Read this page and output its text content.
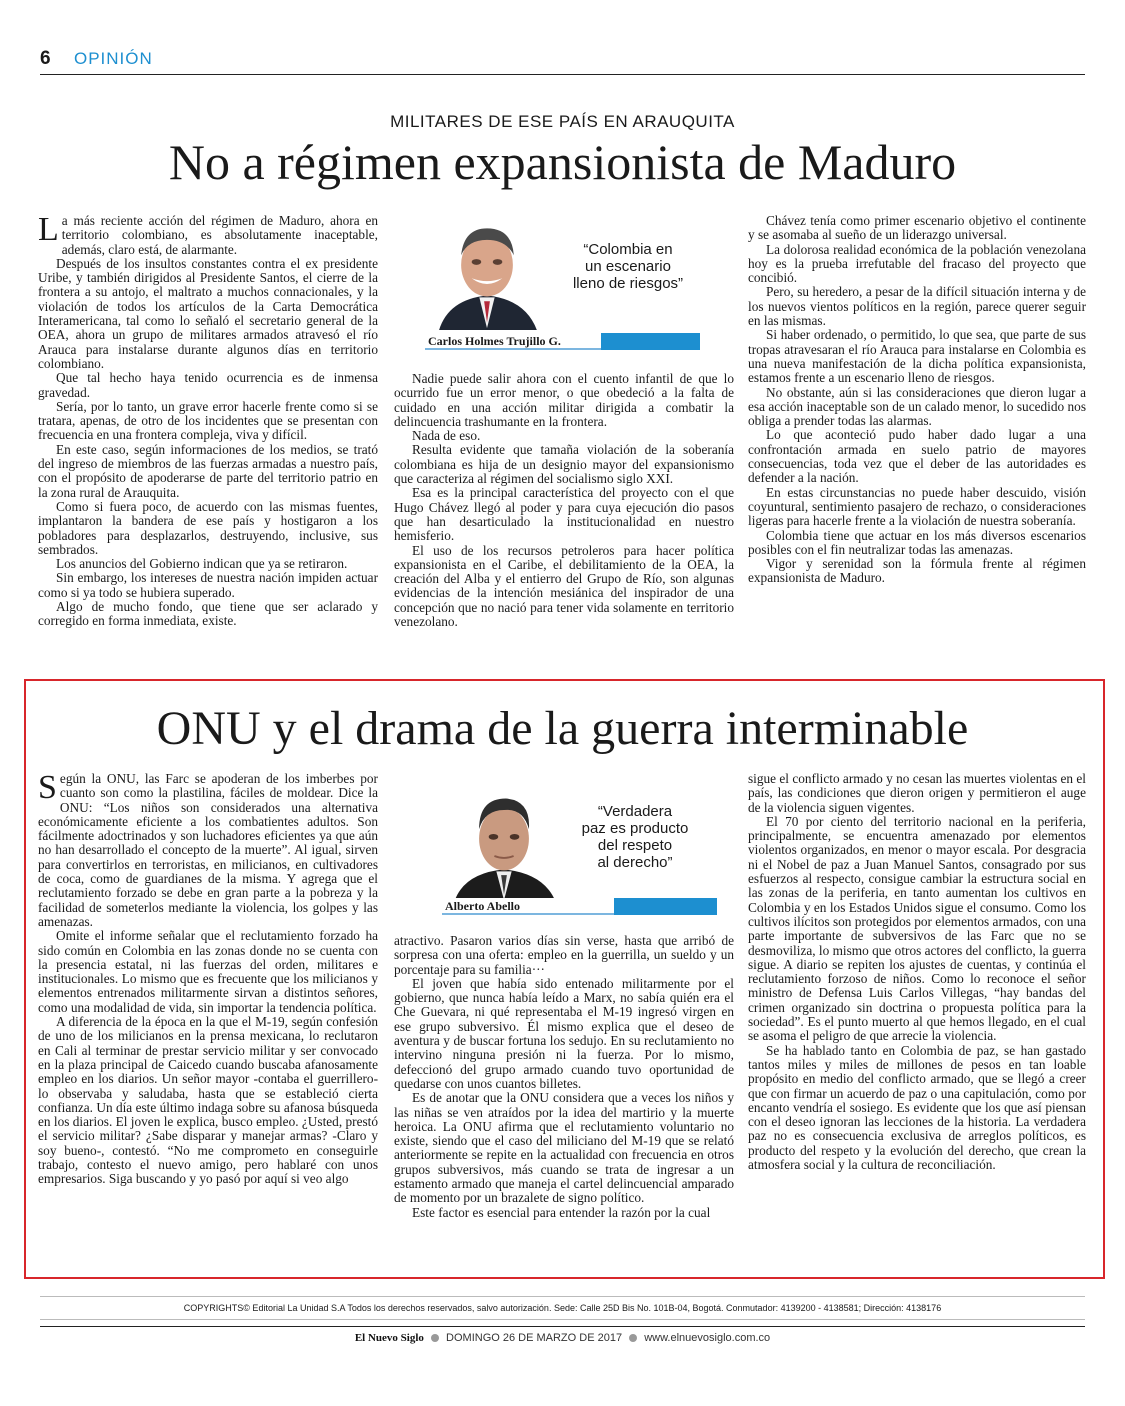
6 OPINIÓN
MILITARES DE ESE PAÍS EN ARAUQUITA
No a régimen expansionista de Maduro

La más reciente acción del régimen de Maduro, ahora en territorio colombiano, es absolutamente inaceptable, además, claro está, de alarmante.

Después de los insultos constantes contra el ex presidente Uribe, y también dirigidos al Presidente Santos, el cierre de la frontera a su antojo, el maltrato a muchos connacionales, y la violación de todos los artículos de la Carta Democrática Interamericana, tal como lo señaló el secretario general de la OEA, ahora un grupo de militares armados atravesó el río Arauca para instalarse durante algunos días en territorio colombiano.

Que tal hecho haya tenido ocurrencia es de inmensa gravedad.

Sería, por lo tanto, un grave error hacerle frente como si se tratara, apenas, de otro de los incidentes que se presentan con frecuencia en una frontera compleja, viva y difícil.

En este caso, según informaciones de los medios, se trató del ingreso de miembros de las fuerzas armadas a nuestro país, con el propósito de apoderarse de parte del territorio patrio en la zona rural de Arauquita.

Como si fuera poco, de acuerdo con las mismas fuentes, implantaron la bandera de ese país y hostigaron a los pobladores para desplazarlos, destruyendo, inclusive, sus sembrados.

Los anuncios del Gobierno indican que ya se retiraron.

Sin embargo, los intereses de nuestra nación impiden actuar como si ya todo se hubiera superado.

Algo de mucho fondo, que tiene que ser aclarado y corregido en forma inmediata, existe.

“Colombia en
un escenario
lleno de riesgos”
Carlos Holmes Trujillo G.

Nadie puede salir ahora con el cuento infantil de que lo ocurrido fue un error menor, o que obedeció a la falta de cuidado en una acción militar dirigida a combatir la delincuencia trashumante en la frontera.

Nada de eso.

Resulta evidente que tamaña violación de la soberanía colombiana es hija de un designio mayor del expansionismo que caracteriza al régimen del socialismo siglo XXI.

Esa es la principal característica del proyecto con el que Hugo Chávez llegó al poder y para cuya ejecución dio pasos que han desarticulado la institucionalidad en nuestro hemisferio.

El uso de los recursos petroleros para hacer política expansionista en el Caribe, el debilitamiento de la OEA, la creación del Alba y el entierro del Grupo de Río, son algunas evidencias de la intención mesiánica del inspirador de una concepción que no nació para tener vida solamente en territorio venezolano.

Chávez tenía como primer escenario objetivo el continente y se asomaba al sueño de un liderazgo universal.

La dolorosa realidad económica de la población venezolana hoy es la prueba irrefutable del fracaso del proyecto que concibió.

Pero, su heredero, a pesar de la difícil situación interna y de los nuevos vientos políticos en la región, parece querer seguir en las mismas.

Si haber ordenado, o permitido, lo que sea, que parte de sus tropas atravesaran el río Arauca para instalarse en Colombia es una nueva manifestación de la dicha política expansionista, estamos frente a un escenario lleno de riesgos.

No obstante, aún si las consideraciones que dieron lugar a esa acción inaceptable son de un calado menor, lo sucedido nos obliga a prender todas las alarmas.

Lo que aconteció pudo haber dado lugar a una confrontación armada en suelo patrio de mayores consecuencias, toda vez que el deber de las autoridades es defender a la nación.

En estas circunstancias no puede haber descuido, visión coyuntural, sentimiento pasajero de rechazo, o consideraciones ligeras para hacerle frente a la violación de nuestra soberanía.

Colombia tiene que actuar en los más diversos escenarios posibles con el fin neutralizar todas las amenazas.

Vigor y serenidad son la fórmula frente al régimen expansionista de Maduro.

ONU y el drama de la guerra interminable

Según la ONU, las Farc se apoderan de los imberbes por cuanto son como la plastilina, fáciles de moldear. Dice la ONU: “Los niños son considerados una alternativa económicamente eficiente a los combatientes adultos. Son fácilmente adoctrinados y son luchadores eficientes ya que aún no han desarrollado el concepto de la muerte”. Al igual, sirven para convertirlos en terroristas, en milicianos, en cultivadores de coca, como de guardianes de la misma. Y agrega que el reclutamiento forzado se debe en gran parte a la pobreza y la facilidad de someterlos mediante la violencia, los golpes y las amenazas.

Omite el informe señalar que el reclutamiento forzado ha sido común en Colombia en las zonas donde no se cuenta con la presencia estatal, ni las fuerzas del orden, militares e institucionales. Lo mismo que es frecuente que los milicianos y elementos entrenados militarmente sirvan a distintos señores, como una modalidad de vida, sin importar la tendencia política.

A diferencia de la época en la que el M-19, según confesión de uno de los milicianos en la prensa mexicana, lo reclutaron en Cali al terminar de prestar servicio militar y ser convocado en la plaza principal de Caicedo cuando buscaba afanosamente empleo en los diarios. Un señor mayor -contaba el guerrillero- lo observaba y saludaba, hasta que se estableció cierta confianza. Un día este último indaga sobre su afanosa búsqueda en los diarios. El joven le explica, busco empleo. ¿Usted, prestó el servicio militar? ¿Sabe disparar y manejar armas? -Claro y soy bueno-, contestó. “No me comprometo en conseguirle trabajo, contesto el nuevo amigo, pero hablaré con unos empresarios. Siga buscando y yo pasó por aquí si veo algo

“Verdadera
paz es producto
del respeto
al derecho”
Alberto Abello

atractivo. Pasaron varios días sin verse, hasta que arribó de sorpresa con una oferta: empleo en la guerrilla, un sueldo y un porcentaje para su familia···

El joven que había sido entenado militarmente por el gobierno, que nunca había leído a Marx, no sabía quién era el Che Guevara, ni qué representaba el M-19 ingresó virgen en ese grupo subversivo. Él mismo explica que el deseo de aventura y de buscar fortuna los sedujo. En su reclutamiento no intervino ninguna presión ni la fuerza. Por lo mismo, defeccionó del grupo armado cuando tuvo oportunidad de quedarse con unos cuantos billetes.

Es de anotar que la ONU considera que a veces los niños y las niñas se ven atraídos por la idea del martirio y la muerte heroica. La ONU afirma que el reclutamiento voluntario no existe, siendo que el caso del miliciano del M-19 que se relató anteriormente se repite en la actualidad con frecuencia en otros grupos subversivos, más cuando se trata de ingresar a un estamento armado que maneja el cartel delincuencial amparado de momento por un brazalete de signo político.

Este factor es esencial para entender la razón por la cual

sigue el conflicto armado y no cesan las muertes violentas en el país, las condiciones que dieron origen y permitieron el auge de la violencia siguen vigentes.

El 70 por ciento del territorio nacional en la periferia, principalmente, se encuentra amenazado por elementos violentos organizados, en menor o mayor escala. Por desgracia ni el Nobel de paz a Juan Manuel Santos, consagrado por sus esfuerzos al respecto, consigue cambiar la estructura social en las zonas de la periferia, en tanto aumentan los cultivos en Colombia y en los Estados Unidos sigue el consumo. Como los cultivos ilícitos son protegidos por elementos armados, con una parte importante de subversivos de las Farc que no se desmoviliza, lo mismo que otros actores del conflicto, la guerra sigue. A diario se repiten los ajustes de cuentas, y continúa el reclutamiento forzoso de niños. Como lo reconoce el señor ministro de Defensa Luis Carlos Villegas, “hay bandas del crimen organizado sin doctrina o propuesta política para la sociedad”. Es el punto muerto al que hemos llegado, en el cual se asoma el peligro de que arrecie la violencia.

Se ha hablado tanto en Colombia de paz, se han gastado tantos miles y miles de millones de pesos en tan loable propósito en medio del conflicto armado, que se llegó a creer que con firmar un acuerdo de paz o una capitulación, como por encanto vendría el sosiego. Es evidente que los que así piensan con el deseo ignoran las lecciones de la historia. La verdadera paz no es consecuencia exclusiva de arreglos políticos, es producto del respeto y la evolución del derecho, que crean la atmosfera social y la cultura de reconciliación.

COPYRIGHTS© Editorial La Unidad S.A Todos los derechos reservados, salvo autorización. Sede: Calle 25D Bis No. 101B-04, Bogotá. Conmutador: 4139200 - 4138581; Dirección: 4138176
El Nuevo Siglo DOMINGO 26 DE MARZO DE 2017 www.elnuevosiglo.com.co
